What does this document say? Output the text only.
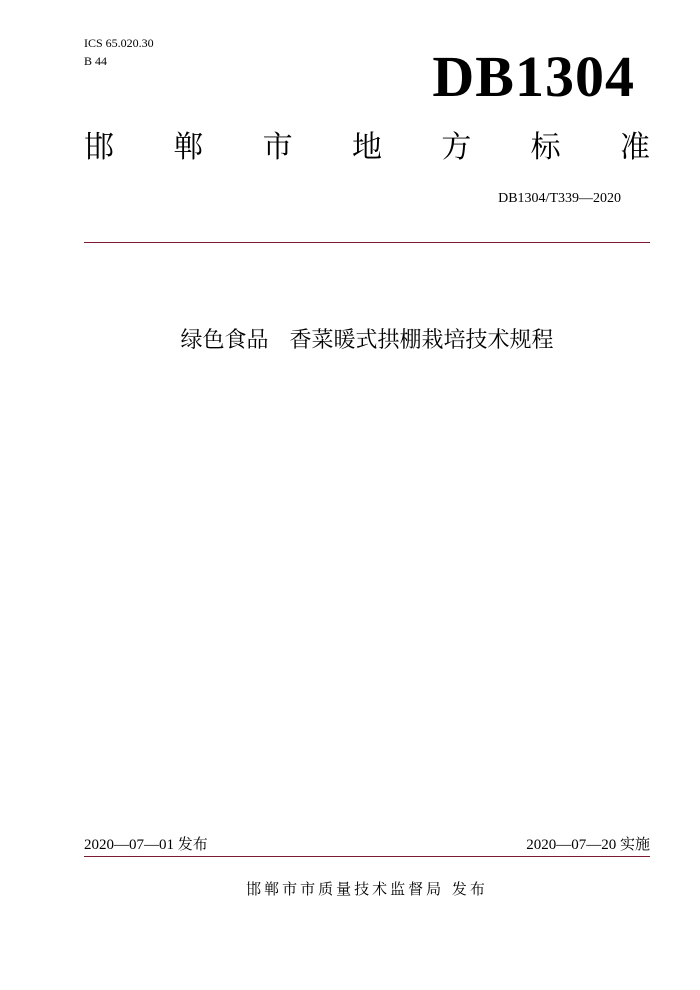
ICS 65.020.30
B 44	DB1304
邯 郸 市 地 方 标 准
DB1304/T339—2020
绿色食品   香菜暖式拱棚栽培技术规程
2020—07—01 发布	2020—07—20 实施
邯郸市市质量技术监督局 发布
